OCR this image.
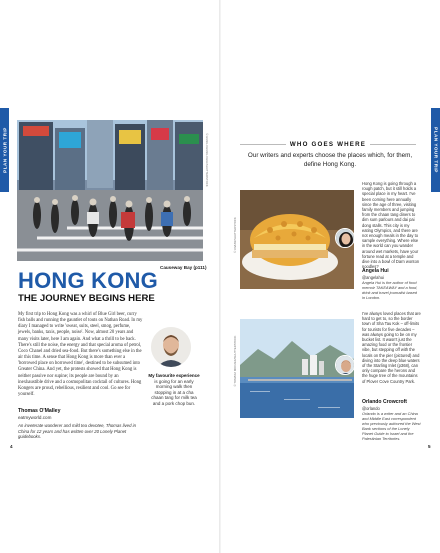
PLAN YOUR TRIP	PLAN YOUR TRIP
© HUNG CHUNG CHIH/SHUTTERSTOCK
Causeway Bay (p111)
HONG KONG
THE JOURNEY BEGINS HERE

My first trip to Hong Kong was a whirl of Blue Girl beer, curry fish balls and running the gauntlet of touts on Nathan Road. In my diary I managed to write 'sweat, suits, steel, smog, perfume, jewels, banks, taxis, people, noise'. Now, almost 20 years and many visits later, here I am again. And what a thrill to be back. There's still the noise, the energy and that special aroma of petrol, Coco Chanel and dried sea-food. But there's something else in the air this time. A sense that Hong Kong is more than ever a 'borrowed place on borrowed time', destined to be subsumed into Greater China. And yet, the protests showed that Hong Kong is neither passive nor supine; its people are bound by an inexhaustible drive and a cosmopolitan cocktail of cultures. Hong Kongers are proud, rebellious, resilient and cool. Go see for yourself.

Thomas O'Malley
eatmyworld.com

An inveterate wanderer and mild tea devotee, Thomas lived in China for 12 years and has written over 20 Lonely Planet guidebooks.

My favourite experience is going for an early morning walk then stopping in at a cha chaan tang for milk tea and a pork chop bun.

4
WHO GOES WHERE

Our writers and experts choose the places which, for them, define Hong Kong.

© VIVIAN/SHUTTERSTOCK

Hong Kong is going through a rough patch, but it still holds a special place in my heart. I've been coming here annually since the age of three, visiting family members and jumping from the chaan tang diners to dim sum parlours and dai pai dong stalls. This city is my eating Olympics, and there are not enough meals in the day to sample everything. Where else in the world can you wander around wet markets, have your fortune read at a temple and dive into a bowl of Darn wonton noodles?

Angela Hui
@angelahui

Angela Hui is the author of food memoir TAKEAWAY and a food, drink and travel journalist based in London.

© TOMASZ MOCZEK/SHUTTERSTOCK

I've always loved places that are hard to get to, so the border town of Sha Tau Kok – off-limits for tourists for five decades – was always going to be on my bucket list. It wasn't just the amazing food or the frontier vibe, but stepping off with the locals on the pier (pictured) and diving into the deep blue waters of the Starling Inlet (p368), can only compare the herons and the huge tree of the mountains of Plover Cove Country Park.

Orlando Crowcroft
@orlando

Orlando is a writer and an China and Middle East correspondent who previously authored the West Bank sections of the Lonely Planet Guide to Israel and the Palestinian Territories.

5
